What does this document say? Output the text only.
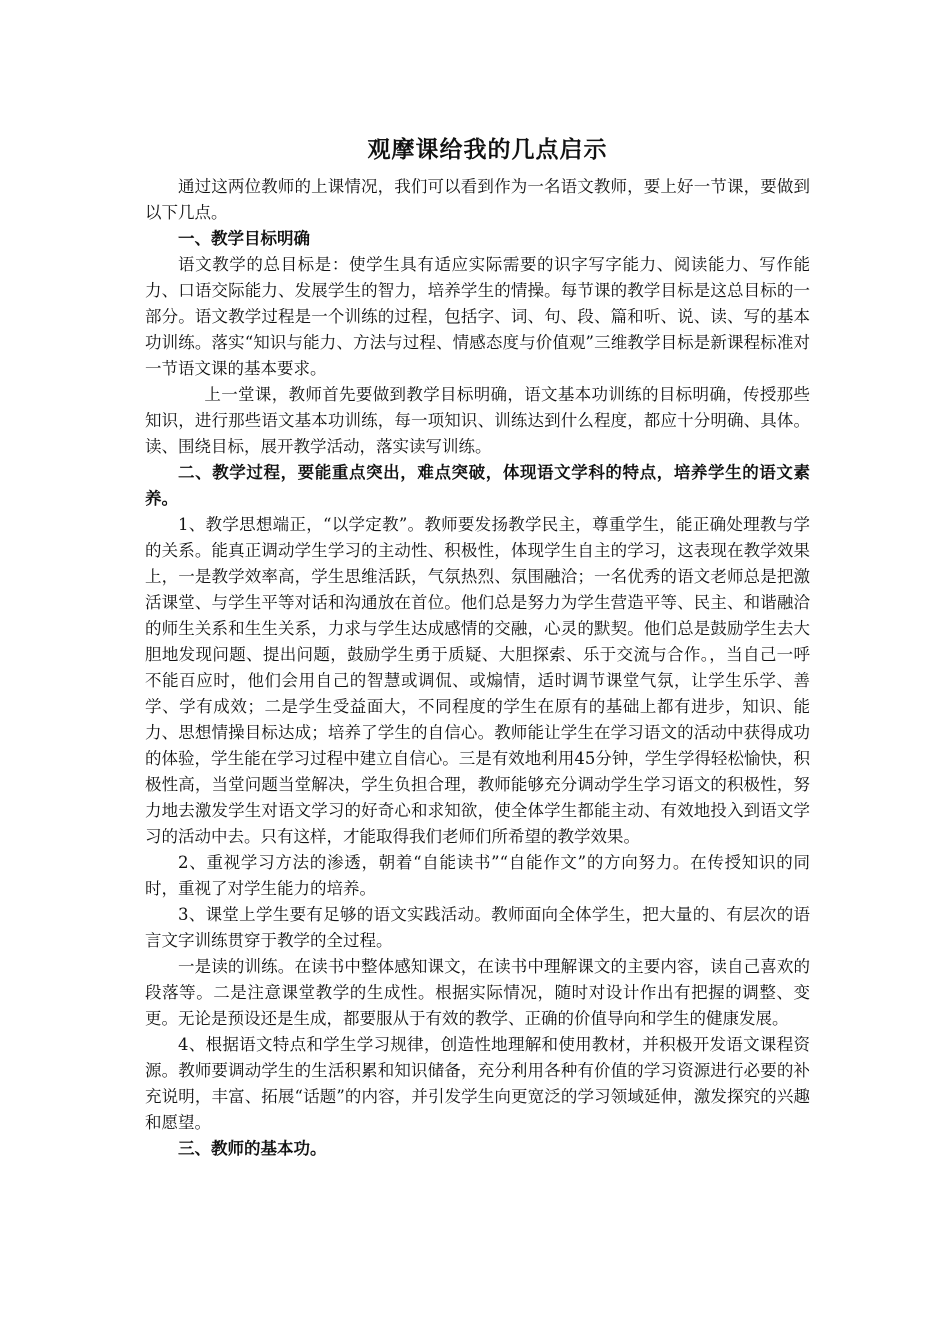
观摩课给我的几点启示

通过这两位教师的上课情况，我们可以看到作为一名语文教师，要上好一节课，要做到以下几点。

一、教学目标明确

语文教学的总目标是：使学生具有适应实际需要的识字写字能力、阅读能力、写作能力、口语交际能力、发展学生的智力，培养学生的情操。每节课的教学目标是这总目标的一部分。语文教学过程是一个训练的过程，包括字、词、句、段、篇和听、说、读、写的基本功训练。落实“知识与能力、方法与过程、情感态度与价值观”三维教学目标是新课程标准对一节语文课的基本要求。

上一堂课，教师首先要做到教学目标明确，语文基本功训练的目标明确，传授那些知识，进行那些语文基本功训练，每一项知识、训练达到什么程度，都应十分明确、具体。读、围绕目标，展开教学活动，落实读写训练。

二、教学过程，要能重点突出，难点突破，体现语文学科的特点，培养学生的语文素养。

1、教学思想端正，“以学定教”。教师要发扬教学民主，尊重学生，能正确处理教与学的关系。能真正调动学生学习的主动性、积极性，体现学生自主的学习，这表现在教学效果上，一是教学效率高，学生思维活跃，气氛热烈、氛围融洽；一名优秀的语文老师总是把激活课堂、与学生平等对话和沟通放在首位。他们总是努力为学生营造平等、民主、和谐融洽的师生关系和生生关系，力求与学生达成感情的交融，心灵的默契。他们总是鼓励学生去大胆地发现问题、提出问题，鼓励学生勇于质疑、大胆探索、乐于交流与合作。，当自己一呼不能百应时，他们会用自己的智慧或调侃、或煽情，适时调节课堂气氛，让学生乐学、善学、学有成效；二是学生受益面大，不同程度的学生在原有的基础上都有进步，知识、能力、思想情操目标达成；培养了学生的自信心。教师能让学生在学习语文的活动中获得成功的体验，学生能在学习过程中建立自信心。三是有效地利用45分钟，学生学得轻松愉快，积极性高，当堂问题当堂解决，学生负担合理，教师能够充分调动学生学习语文的积极性，努力地去激发学生对语文学习的好奇心和求知欲，使全体学生都能主动、有效地投入到语文学习的活动中去。只有这样，才能取得我们老师们所希望的教学效果。

2、重视学习方法的渗透，朝着“自能读书”“自能作文”的方向努力。在传授知识的同时，重视了对学生能力的培养。

3、课堂上学生要有足够的语文实践活动。教师面向全体学生，把大量的、有层次的语言文字训练贯穿于教学的全过程。

一是读的训练。在读书中整体感知课文，在读书中理解课文的主要内容，读自己喜欢的段落等。二是注意课堂教学的生成性。根据实际情况，随时对设计作出有把握的调整、变更。无论是预设还是生成，都要服从于有效的教学、正确的价值导向和学生的健康发展。

4、根据语文特点和学生学习规律，创造性地理解和使用教材，并积极开发语文课程资源。教师要调动学生的生活积累和知识储备，充分利用各种有价值的学习资源进行必要的补充说明，丰富、拓展“话题”的内容，并引发学生向更宽泛的学习领域延伸，激发探究的兴趣和愿望。

三、教师的基本功。
